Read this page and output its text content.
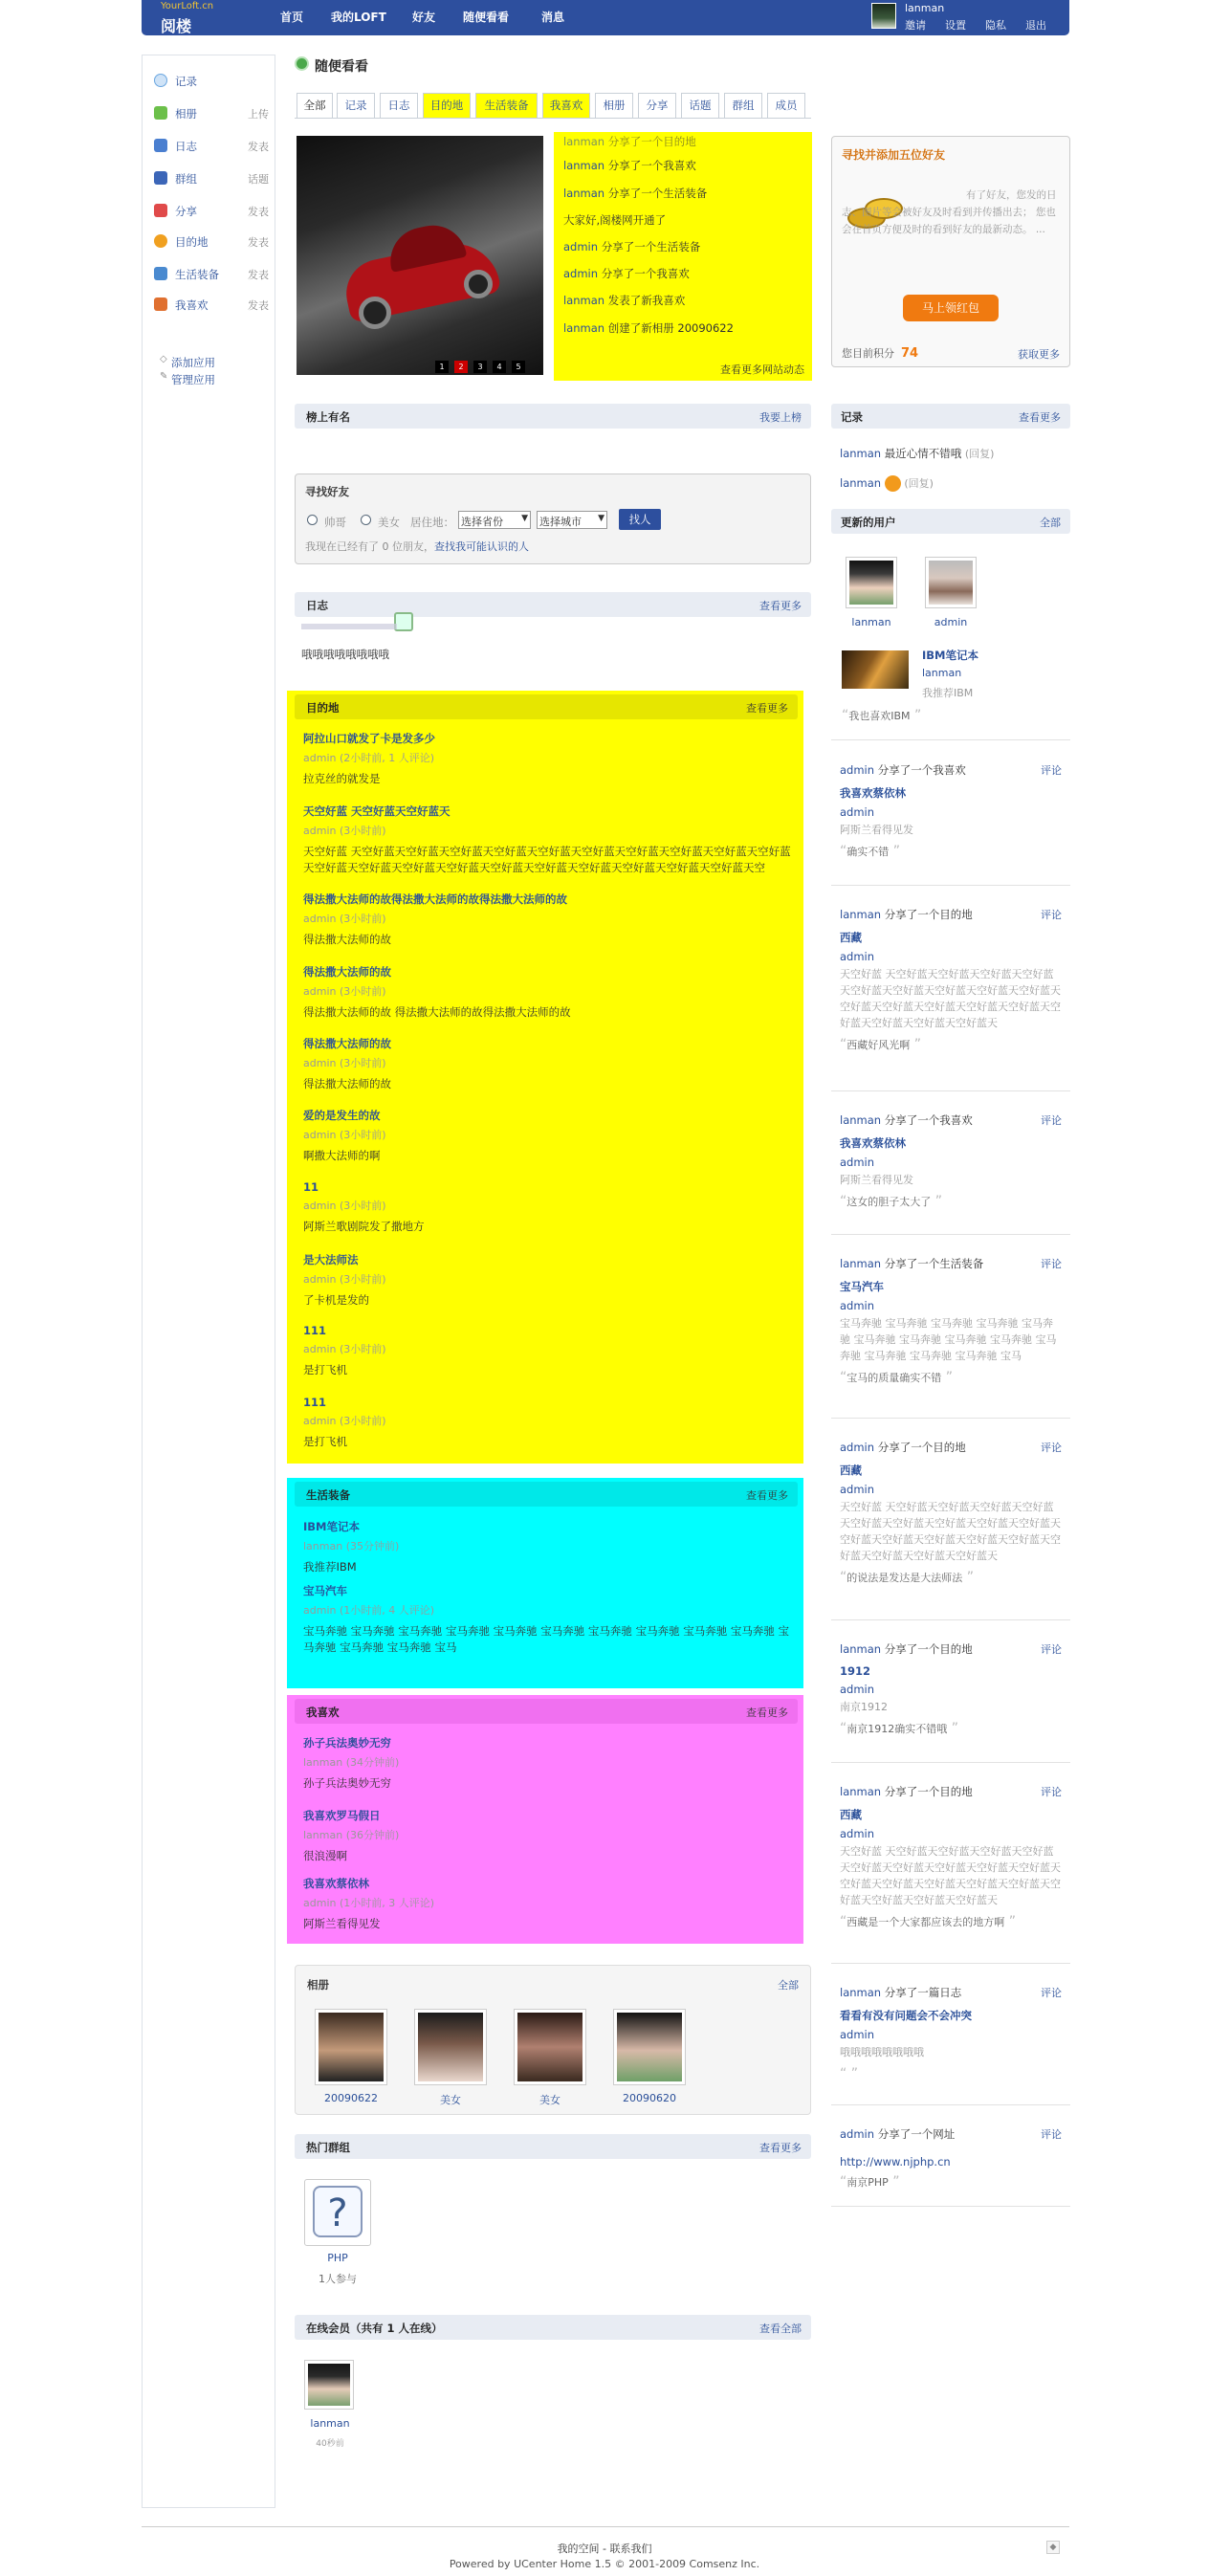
YourLoft.cn
阅楼	首页 我的LOFT 好友 随便看看	消息
lanman
邀请 设置 隐私 退出
记录
相册	上传
日志	发表
群组	话题
分享	发表
目的地	发表
生活装备	发表
我喜欢	发表
◇ 添加应用
✎ 管理应用
随便看看
全部	记录	日志	目的地	生活装备	我喜欢	相册	分享	话题	群组	成员
1	2	3	4	5
lanman 分享了一个目的地
lanman 分享了一个我喜欢
lanman 分享了一个生活装备
大家好,阁楼网开通了
admin 分享了一个生活装备
admin 分享了一个我喜欢
lanman 发表了新我喜欢
lanman 创建了新相册 20090622
查看更多网站动态
榜上有名	我要上榜
寻找好友
帅哥	美女 居住地： 选择省份 ▼ 选择城市 ▼	找人
我现在已经有了 0 位朋友，查找我可能认识的人
日志	查看更多
哦哦哦哦哦哦哦哦
目的地	查看更多
阿拉山口就发了卡是发多少
admin (2小时前, 1 人评论)
拉克丝的就发是
天空好蓝 天空好蓝天空好蓝天
admin (3小时前)
天空好蓝 天空好蓝天空好蓝天空好蓝天空好蓝天空好蓝天空好蓝天空好蓝天空好蓝天空好蓝天空好蓝天空好蓝天空好蓝天空好蓝天空好蓝天空好蓝天空好蓝天空好蓝天空好蓝天空好蓝天空好蓝天空
得法撒大法师的故得法撒大法师的故得法撒大法师的故
admin (3小时前)
得法撒大法师的故
得法撒大法师的故
admin (3小时前)
得法撒大法师的故 得法撒大法师的故得法撒大法师的故
得法撒大法师的故
admin (3小时前)
得法撒大法师的故
爱的是发生的故
admin (3小时前)
啊撒大法师的啊
11
admin (3小时前)
阿斯兰歌剧院发了撒地方
是大法师法
admin (3小时前)
了卡机是发的
111
admin (3小时前)
是打飞机
111
admin (3小时前)
是打飞机
生活装备	查看更多
IBM笔记本
lanman (35分钟前)
我推荐IBM
宝马汽车
admin (1小时前, 4 人评论)
宝马奔驰 宝马奔驰 宝马奔驰 宝马奔驰 宝马奔驰 宝马奔驰 宝马奔驰 宝马奔驰 宝马奔驰 宝马奔驰 宝马奔驰 宝马奔驰 宝马奔驰 宝马
我喜欢	查看更多
孙子兵法奥妙无穷
lanman (34分钟前)
孙子兵法奥妙无穷
我喜欢罗马假日
lanman (36分钟前)
很浪漫啊
我喜欢蔡依林
admin (1小时前, 3 人评论)
阿斯兰看得见发
相册	全部
20090622	美女	美女	20090620
热门群组	查看更多
?
PHP
1人参与
在线会员（共有 1 人在线）	查看全部
lanman
40秒前
寻找并添加五位好友
有了好友，您发的日志、图片等会被好友及时看到并传播出去； 您也会在首页方便及时的看到好友的最新动态。 ...
马上领红包
您目前积分 74	获取更多
记录	查看更多
lanman 最近心情不错哦 (回复)
lanman (回复)
更新的用户	全部
lanman	admin
IBM笔记本
lanman
我推荐IBM
“ 我也喜欢IBM ”
admin 分享了一个我喜欢	评论
我喜欢蔡依林
admin
阿斯兰看得见发
“ 确实不错 ”
lanman 分享了一个目的地	评论
西藏
admin
天空好蓝 天空好蓝天空好蓝天空好蓝天空好蓝天空好蓝天空好蓝天空好蓝天空好蓝天空好蓝天空好蓝天空好蓝天空好蓝天空好蓝天空好蓝天空好蓝天空好蓝天空好蓝天空好蓝天
“ 西藏好风光啊 ”
lanman 分享了一个我喜欢	评论
我喜欢蔡依林
admin
阿斯兰看得见发
“ 这女的胆子太大了 ”
lanman 分享了一个生活装备	评论
宝马汽车
admin
宝马奔驰 宝马奔驰 宝马奔驰 宝马奔驰 宝马奔驰 宝马奔驰 宝马奔驰 宝马奔驰 宝马奔驰 宝马奔驰 宝马奔驰 宝马奔驰 宝马奔驰 宝马
“ 宝马的质量确实不错 ”
admin 分享了一个目的地	评论
西藏
admin
天空好蓝 天空好蓝天空好蓝天空好蓝天空好蓝天空好蓝天空好蓝天空好蓝天空好蓝天空好蓝天空好蓝天空好蓝天空好蓝天空好蓝天空好蓝天空好蓝天空好蓝天空好蓝天空好蓝天
“ 的说法是发达是大法师法 ”
lanman 分享了一个目的地	评论
1912
admin
南京1912
“ 南京1912确实不错哦 ”
lanman 分享了一个目的地	评论
西藏
admin
天空好蓝 天空好蓝天空好蓝天空好蓝天空好蓝天空好蓝天空好蓝天空好蓝天空好蓝天空好蓝天空好蓝天空好蓝天空好蓝天空好蓝天空好蓝天空好蓝天空好蓝天空好蓝天空好蓝天
“ 西藏是一个大家都应该去的地方啊 ”
lanman 分享了一篇日志	评论
看看有没有问题会不会冲突
admin
哦哦哦哦哦哦哦哦
“ ”
admin 分享了一个网址	评论
http://www.njphp.cn
“ 南京PHP ”
我的空间 - 联系我们
Powered by UCenter Home 1.5 © 2001-2009 Comsenz Inc.
◆
